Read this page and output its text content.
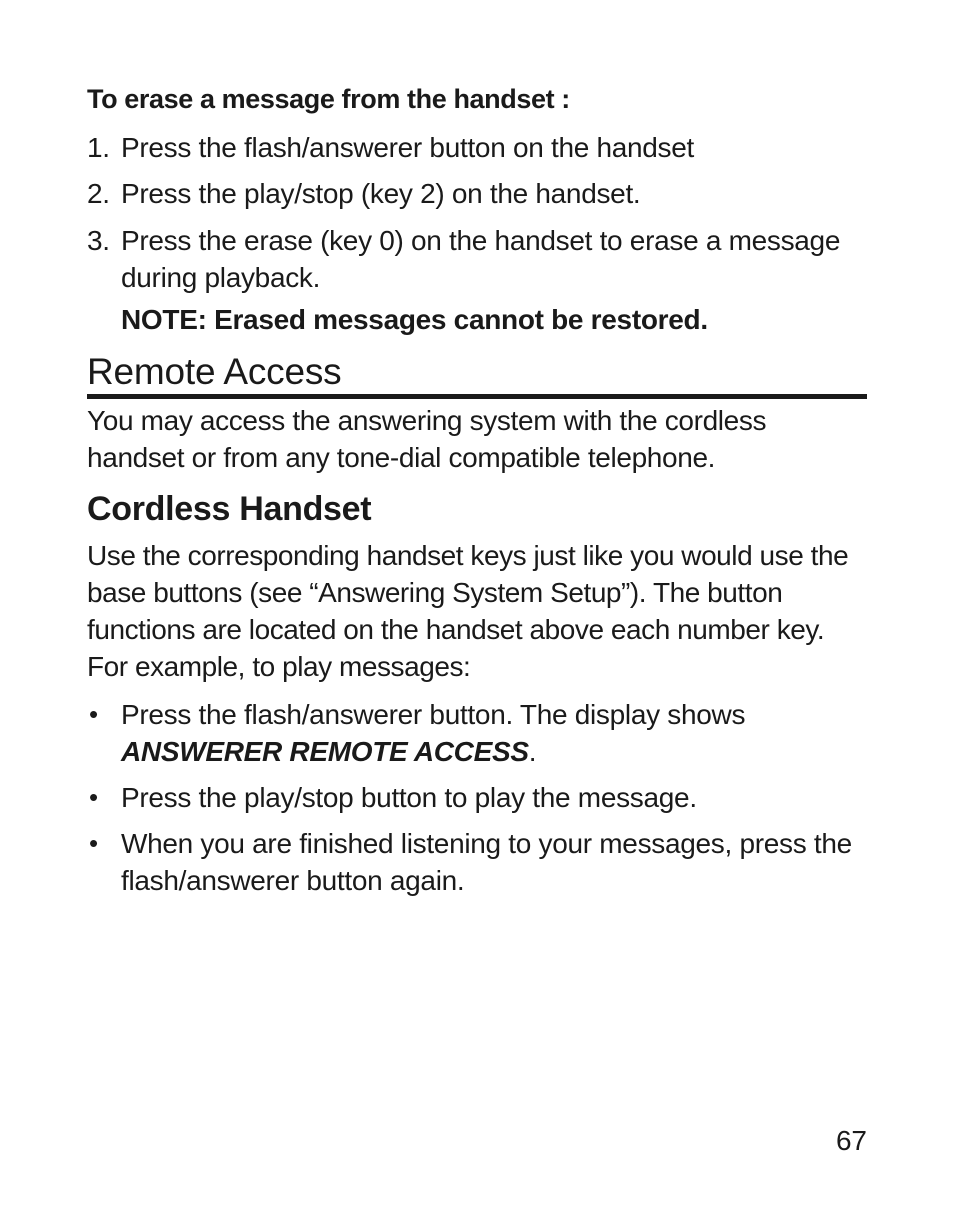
To erase a message from the handset :
1. Press the flash/answerer button on the handset
2. Press the play/stop (key 2) on the handset.
3. Press the erase (key 0) on the handset to erase a message during playback.
NOTE: Erased messages cannot be restored.
Remote Access
You may access the answering system with the cordless handset or from any tone-dial compatible telephone.
Cordless Handset
Use the corresponding handset keys just like you would use the base buttons (see “Answering System Setup”). The button functions are located on the handset above each number key. For example, to play messages:
• Press the flash/answerer button. The display shows ANSWERER REMOTE ACCESS.
• Press the play/stop button to play the message.
• When you are finished listening to your messages, press the flash/answerer button again.
67
